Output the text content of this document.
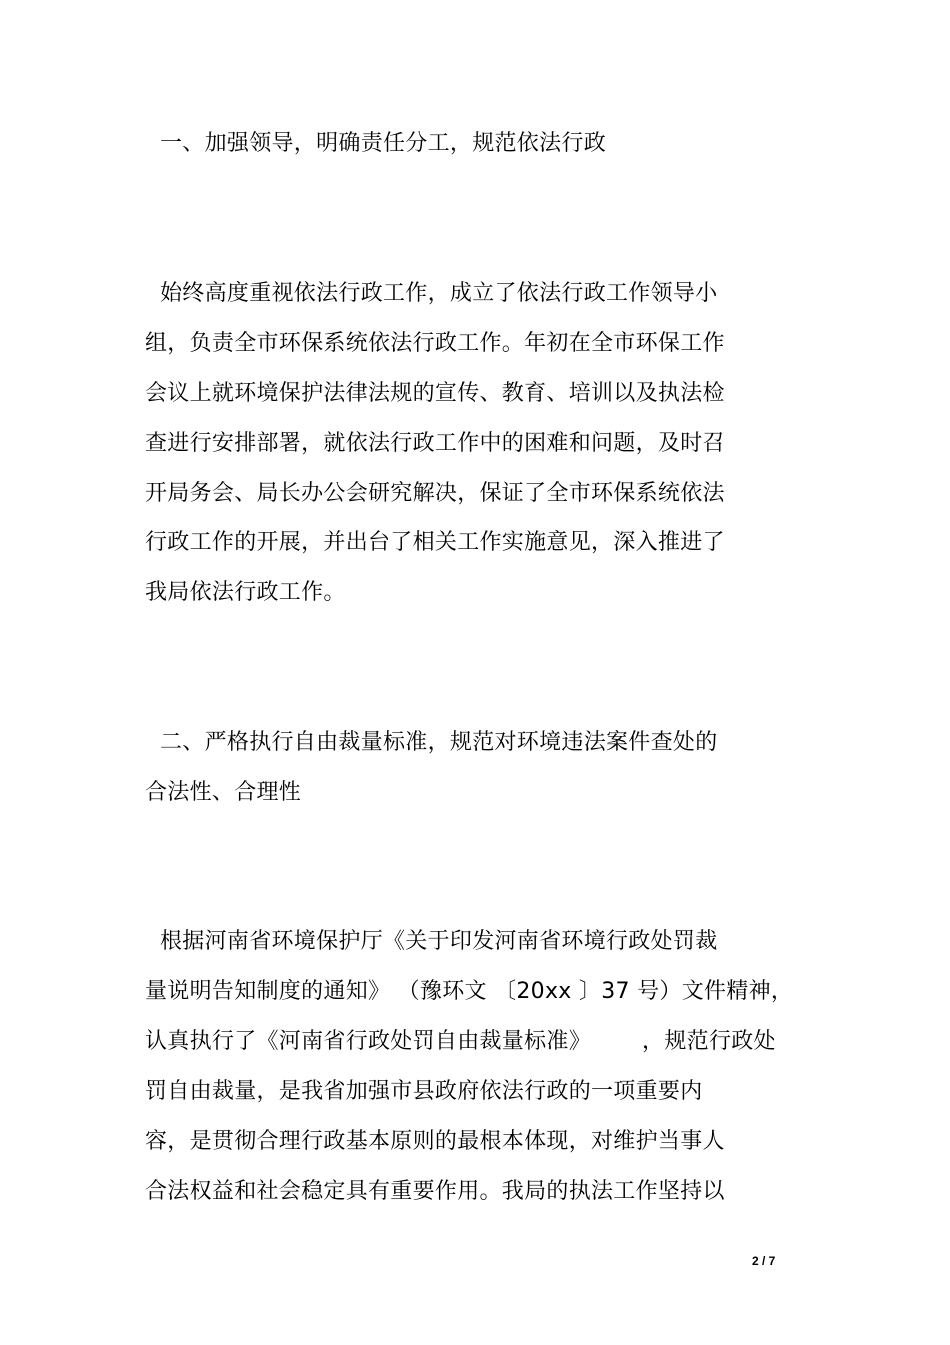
一、加强领导，明确责任分工，规范依法行政
始终高度重视依法行政工作，成立了依法行政工作领导小
组，负责全市环保系统依法行政工作。年初在全市环保工作
会议上就环境保护法律法规的宣传、教育、培训以及执法检
查进行安排部署，就依法行政工作中的困难和问题，及时召
开局务会、局长办公会研究解决，保证了全市环保系统依法
行政工作的开展，并出台了相关工作实施意见，深入推进了
我局依法行政工作。
二、严格执行自由裁量标准，规范对环境违法案件查处的
合法性、合理性
根据河南省环境保护厅《关于印发河南省环境行政处罚裁
量说明告知制度的通知》 （豫环文 〔20xx 〕37 号）文件精神，
认真执行了《河南省行政处罚自由裁量标准》       ，规范行政处
罚自由裁量，是我省加强市县政府依法行政的一项重要内
容，是贯彻合理行政基本原则的最根本体现，对维护当事人
合法权益和社会稳定具有重要作用。我局的执法工作坚持以
2 / 7
